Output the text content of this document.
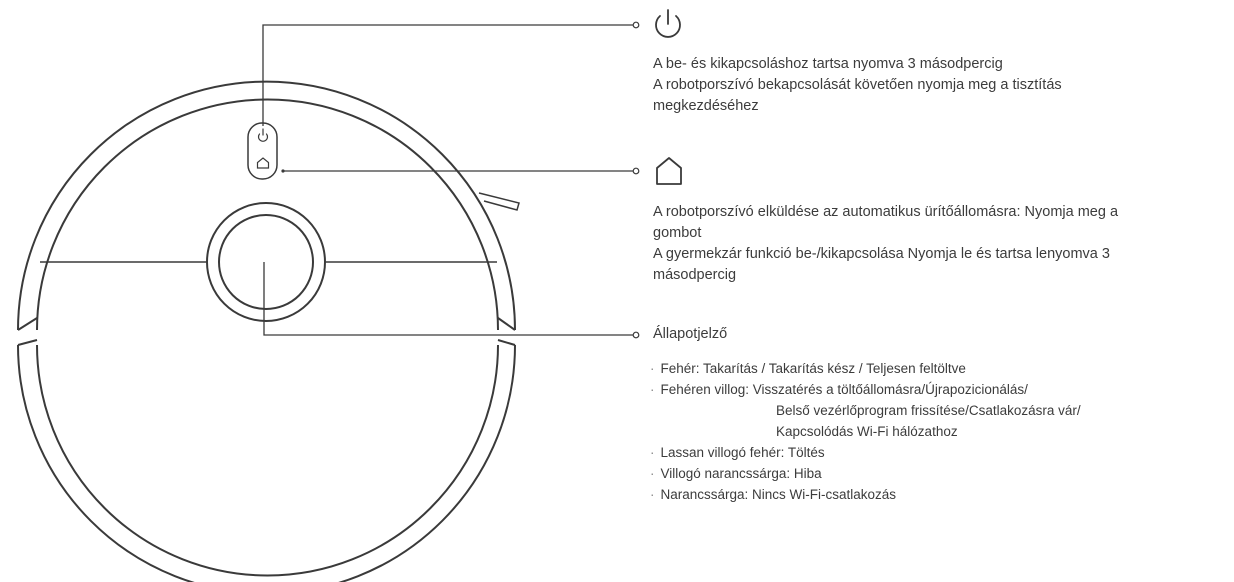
A be- és kikapcsoláshoz tartsa nyomva 3 másodpercig
A robotporszívó bekapcsolását követően nyomja meg a tisztítás
megkezdéséhez
A robotporszívó elküldése az automatikus ürítőállomásra: Nyomja meg a
gombot
A gyermekzár funkció be-/kikapcsolása Nyomja le és tartsa lenyomva 3
másodpercig
Állapotjelző
· Fehér: Takarítás / Takarítás kész / Teljesen feltöltve
· Fehéren villog: Visszatérés a töltőállomásra/Újrapozicionálás/
Belső vezérlőprogram frissítése/Csatlakozásra vár/
Kapcsolódás Wi-Fi hálózathoz
· Lassan villogó fehér: Töltés
· Villogó narancssárga: Hiba
· Narancssárga: Nincs Wi-Fi-csatlakozás
